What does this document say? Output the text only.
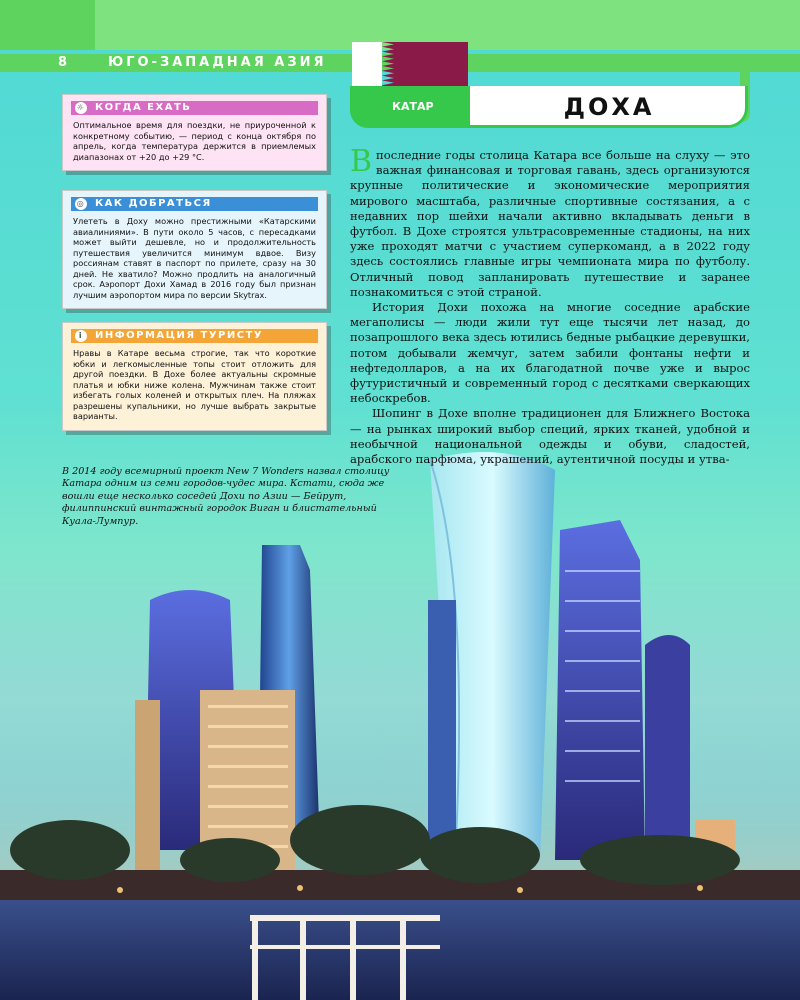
8	ЮГО-ЗАПАДНАЯ АЗИЯ
КАТАР	ДОХА
☼ КОГДА ЕХАТЬ

Оптимальное время для поездки, не приуроченной к конкретному событию, — период с конца октября по апрель, когда температура держится в приемлемых диапазонах от +20 до +29 °С.

◎ КАК ДОБРАТЬСЯ

Улететь в Доху можно престижными «Катарскими авиалиниями». В пути около 5 часов, с пересадками может выйти дешевле, но и продолжительность путешествия увеличится минимум вдвое. Визу россиянам ставят в паспорт по прилете, сразу на 30 дней. Не хватило? Можно продлить на аналогичный срок. Аэропорт Дохи Хамад в 2016 году был признан лучшим аэропортом мира по версии Skytrax.

i	ИНФОРМАЦИЯ ТУРИСТУ

Нравы в Катаре весьма строгие, так что короткие юбки и легкомысленные топы стоит отложить для другой поездки. В Дохе более актуальны скромные платья и юбки ниже колена. Мужчинам также стоит избегать голых коленей и открытых плеч. На пляжах разрешены купальники, но лучше выбрать закрытые варианты.

В последние годы столица Катара все больше на слуху — это важная финансовая и торговая гавань, здесь организуются крупные политические и экономические мероприятия мирового масштаба, различные спортивные состязания, а с недавних пор шейхи начали активно вкладывать деньги в футбол. В Дохе строятся ультрасовременные стадионы, на них уже проходят матчи с участием суперкоманд, а в 2022 году здесь состоялись главные игры чемпионата мира по футболу. Отличный повод запланировать путешествие и заранее познакомиться с этой страной.

История Дохи похожа на многие соседние арабские мегаполисы — люди жили тут еще тысячи лет назад, до позапрошлого века здесь ютились бедные рыбацкие деревушки, потом добывали жемчуг, затем забили фонтаны нефти и нефтедолларов, а на их благодатной почве уже и вырос футуристичный и современный город с десятками сверкающих небоскребов.

Шопинг в Дохе вполне традиционен для Ближнего Востока — на рынках широкий выбор специй, ярких тканей, удобной и необычной национальной одежды и обуви, сладостей, арабского парфюма, украшений, аутентичной посуды и утва-

В 2014 году всемирный проект New 7 Wonders назвал столицу Катара одним из семи городов-чудес мира. Кстати, сюда же вошли еще несколько соседей Дохи по Азии — Бейрут, филиппинский винтажный городок Виган и блистательный Куала-Лумпур.
